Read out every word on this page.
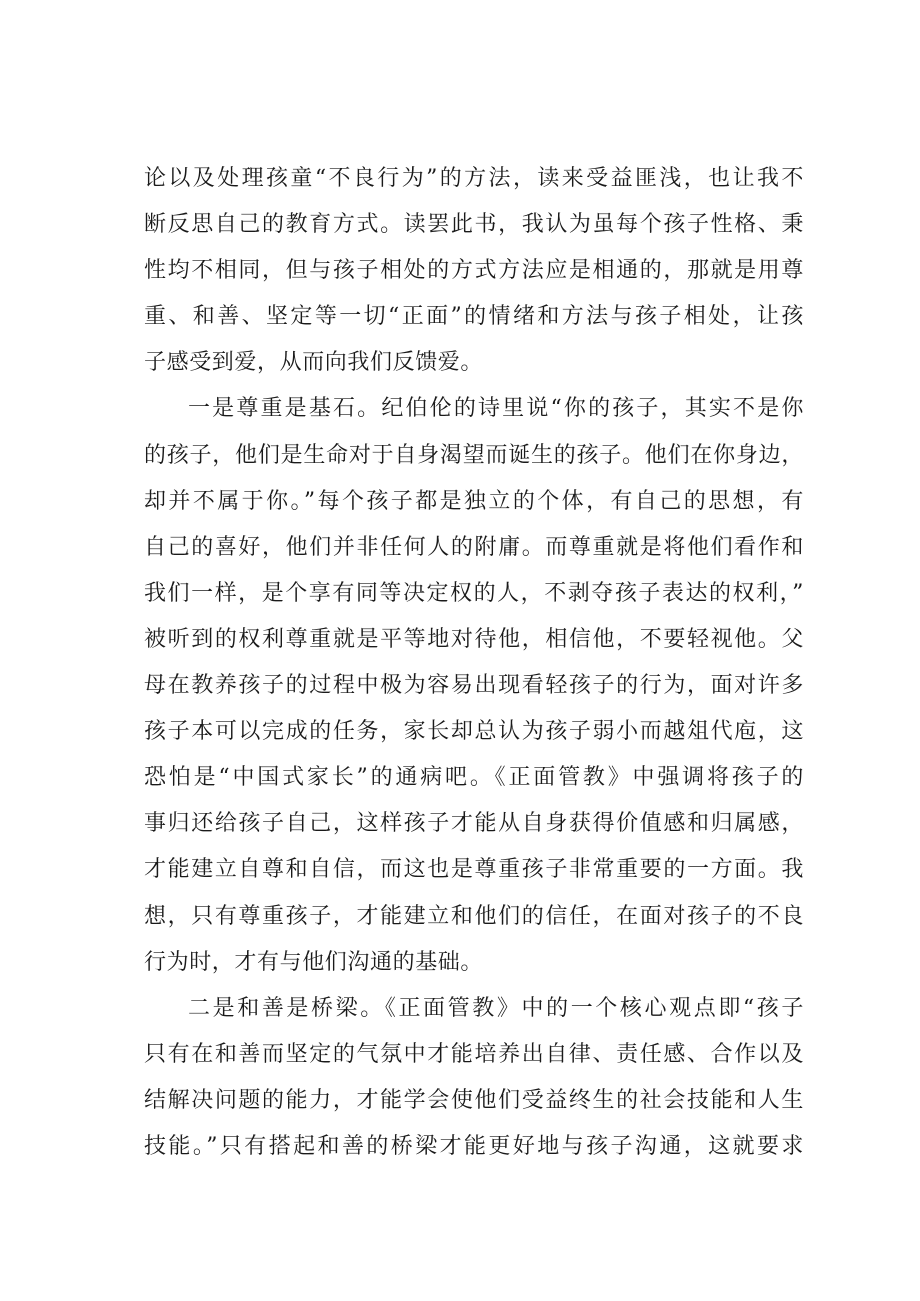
论以及处理孩童“不良行为”的方法，读来受益匪浅，也让我不
断反思自己的教育方式。读罢此书，我认为虽每个孩子性格、秉
性均不相同，但与孩子相处的方式方法应是相通的，那就是用尊
重、和善、坚定等一切“正面”的情绪和方法与孩子相处，让孩
子感受到爱，从而向我们反馈爱。
一是尊重是基石。纪伯伦的诗里说“你的孩子，其实不是你
的孩子，他们是生命对于自身渴望而诞生的孩子。他们在你身边，
却并不属于你。”每个孩子都是独立的个体，有自己的思想，有
自己的喜好，他们并非任何人的附庸。而尊重就是将他们看作和
我们一样，是个享有同等决定权的人，不剥夺孩子表达的权利，”
被听到的权利尊重就是平等地对待他，相信他，不要轻视他。父
母在教养孩子的过程中极为容易出现看轻孩子的行为，面对许多
孩子本可以完成的任务，家长却总认为孩子弱小而越俎代庖，这
恐怕是“中国式家长”的通病吧。《正面管教》中强调将孩子的
事归还给孩子自己，这样孩子才能从自身获得价值感和归属感，
才能建立自尊和自信，而这也是尊重孩子非常重要的一方面。我
想，只有尊重孩子，才能建立和他们的信任，在面对孩子的不良
行为时，才有与他们沟通的基础。
二是和善是桥梁。《正面管教》中的一个核心观点即“孩子
只有在和善而坚定的气氛中才能培养出自律、责任感、合作以及
结解决问题的能力，才能学会使他们受益终生的社会技能和人生
技能。”只有搭起和善的桥梁才能更好地与孩子沟通，这就要求
